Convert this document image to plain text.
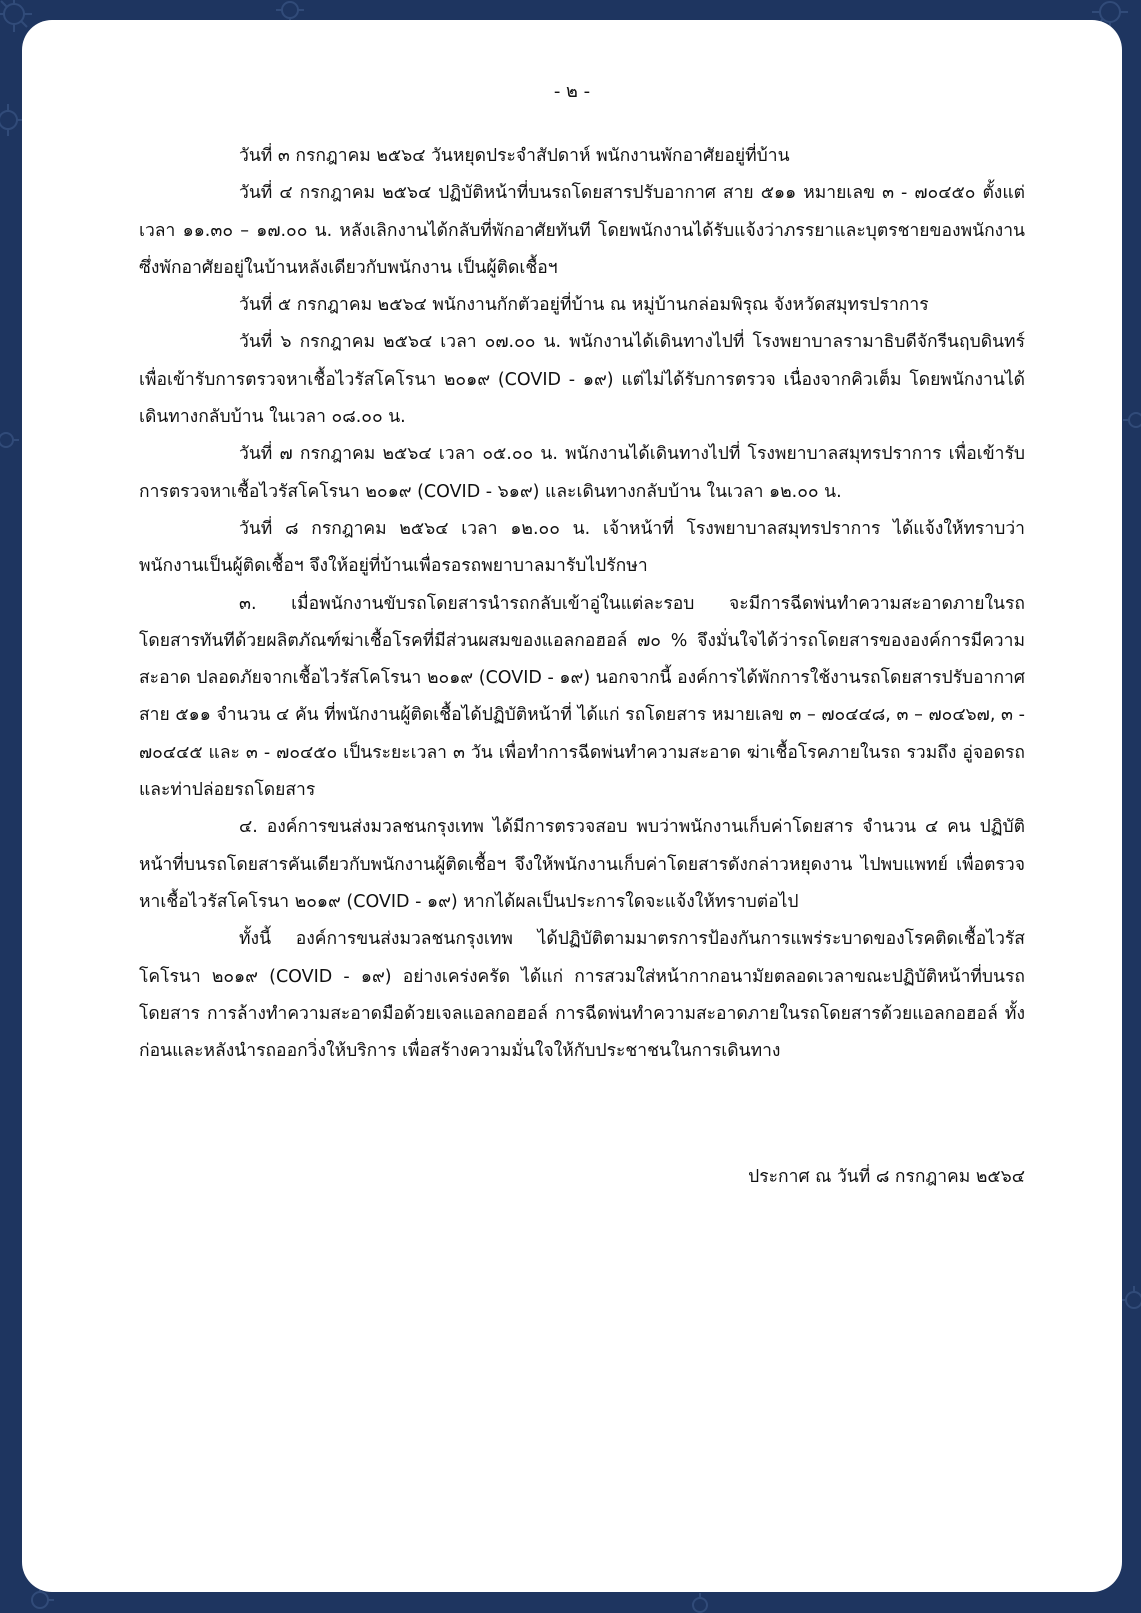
- ๒ -

วันที่ ๓ กรกฎาคม ๒๕๖๔ วันหยุดประจำสัปดาห์ พนักงานพักอาศัยอยู่ที่บ้าน

วันที่ ๔ กรกฎาคม ๒๕๖๔ ปฏิบัติหน้าที่บนรถโดยสารปรับอากาศ สาย ๕๑๑ หมายเลข ๓ - ๗๐๔๕๐ ตั้งแต่เวลา ๑๑.๓๐ – ๑๗.๐๐ น. หลังเลิกงานได้กลับที่พักอาศัยทันที โดยพนักงานได้รับแจ้งว่าภรรยาและบุตรชายของพนักงาน ซึ่งพักอาศัยอยู่ในบ้านหลังเดียวกับพนักงาน เป็นผู้ติดเชื้อฯ

วันที่ ๕ กรกฎาคม ๒๕๖๔ พนักงานกักตัวอยู่ที่บ้าน ณ หมู่บ้านกล่อมพิรุณ จังหวัดสมุทรปราการ

วันที่ ๖ กรกฎาคม ๒๕๖๔ เวลา ๐๗.๐๐ น. พนักงานได้เดินทางไปที่ โรงพยาบาลรามาธิบดีจักรีนฤบดินทร์ เพื่อเข้ารับการตรวจหาเชื้อไวรัสโคโรนา ๒๐๑๙ (COVID - ๑๙) แต่ไม่ได้รับการตรวจ เนื่องจากคิวเต็ม โดยพนักงานได้เดินทางกลับบ้าน ในเวลา ๐๘.๐๐ น.

วันที่ ๗ กรกฎาคม ๒๕๖๔ เวลา ๐๕.๐๐ น. พนักงานได้เดินทางไปที่ โรงพยาบาลสมุทรปราการ เพื่อเข้ารับการตรวจหาเชื้อไวรัสโคโรนา ๒๐๑๙ (COVID - ๖๑๙) และเดินทางกลับบ้าน ในเวลา ๑๒.๐๐ น.

วันที่ ๘ กรกฎาคม ๒๕๖๔ เวลา ๑๒.๐๐ น. เจ้าหน้าที่ โรงพยาบาลสมุทรปราการ ได้แจ้งให้ทราบว่า พนักงานเป็นผู้ติดเชื้อฯ จึงให้อยู่ที่บ้านเพื่อรอรถพยาบาลมารับไปรักษา

๓. เมื่อพนักงานขับรถโดยสารนำรถกลับเข้าอู่ในแต่ละรอบ จะมีการฉีดพ่นทำความสะอาดภายในรถโดยสารทันทีด้วยผลิตภัณฑ์ฆ่าเชื้อโรคที่มีส่วนผสมของแอลกอฮอล์ ๗๐ % จึงมั่นใจได้ว่ารถโดยสารขององค์การมีความสะอาด ปลอดภัยจากเชื้อไวรัสโคโรนา ๒๐๑๙ (COVID - ๑๙) นอกจากนี้ องค์การได้พักการใช้งานรถโดยสารปรับอากาศ สาย ๕๑๑ จำนวน ๔ คัน ที่พนักงานผู้ติดเชื้อได้ปฏิบัติหน้าที่ ได้แก่ รถโดยสาร หมายเลข ๓ – ๗๐๔๔๘, ๓ – ๗๐๔๖๗, ๓ - ๗๐๔๔๕ และ ๓ - ๗๐๔๕๐ เป็นระยะเวลา ๓ วัน เพื่อทำการฉีดพ่นทำความสะอาด ฆ่าเชื้อโรคภายในรถ รวมถึง อู่จอดรถและท่าปล่อยรถโดยสาร

๔. องค์การขนส่งมวลชนกรุงเทพ ได้มีการตรวจสอบ พบว่าพนักงานเก็บค่าโดยสาร จำนวน ๔ คน ปฏิบัติหน้าที่บนรถโดยสารคันเดียวกับพนักงานผู้ติดเชื้อฯ จึงให้พนักงานเก็บค่าโดยสารดังกล่าวหยุดงาน ไปพบแพทย์ เพื่อตรวจหาเชื้อไวรัสโคโรนา ๒๐๑๙ (COVID - ๑๙) หากได้ผลเป็นประการใดจะแจ้งให้ทราบต่อไป

ทั้งนี้ องค์การขนส่งมวลชนกรุงเทพ ได้ปฏิบัติตามมาตรการป้องกันการแพร่ระบาดของโรคติดเชื้อไวรัสโคโรนา ๒๐๑๙ (COVID - ๑๙) อย่างเคร่งครัด ได้แก่ การสวมใส่หน้ากากอนามัยตลอดเวลาขณะปฏิบัติหน้าที่บนรถโดยสาร การล้างทำความสะอาดมือด้วยเจลแอลกอฮอล์ การฉีดพ่นทำความสะอาดภายในรถโดยสารด้วยแอลกอฮอล์ ทั้งก่อนและหลังนำรถออกวิ่งให้บริการ เพื่อสร้างความมั่นใจให้กับประชาชนในการเดินทาง

ประกาศ ณ วันที่ ๘ กรกฎาคม ๒๕๖๔
